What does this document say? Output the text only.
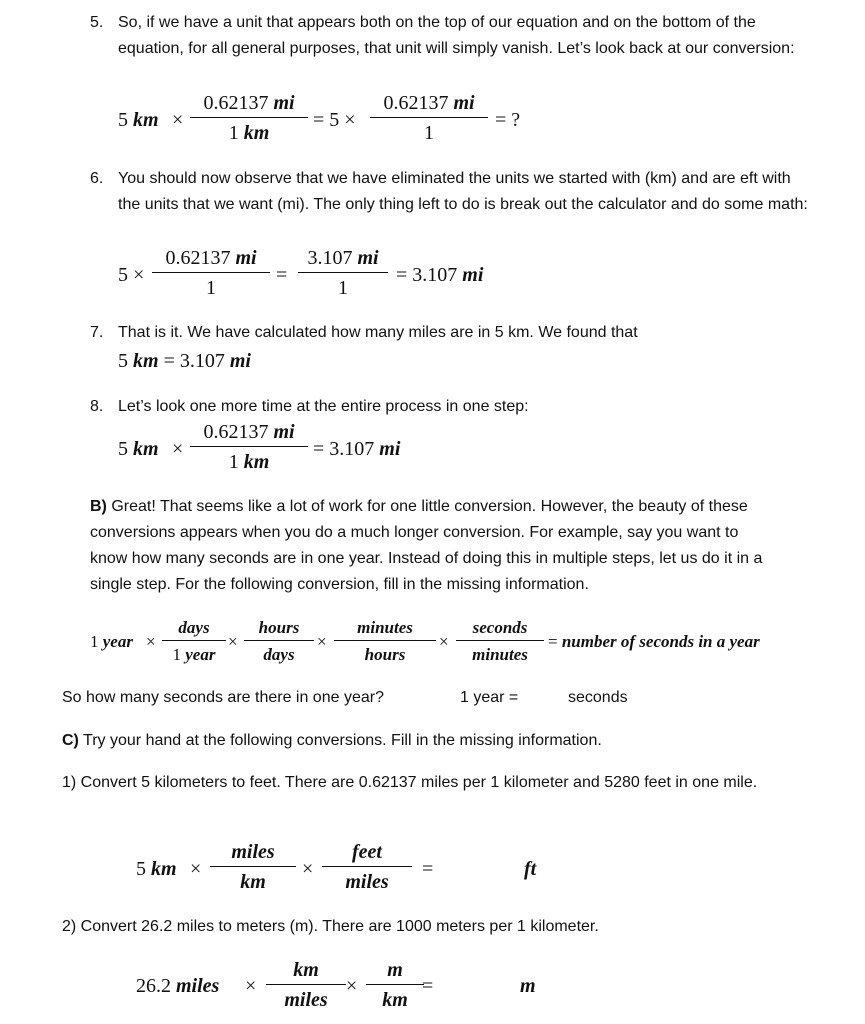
5. So, if we have a unit that appears both on the top of our equation and on the bottom of the equation, for all general purposes, that unit will simply vanish. Let’s look back at our conversion:
5 km ×
0.62137 mi
1 km
= 5 ×
0.62137 mi
1
= ?
6. You should now observe that we have eliminated the units we started with (km) and are eft with the units that we want (mi). The only thing left to do is break out the calculator and do some math:
5 ×
0.62137 mi
1
=
3.107 mi
1
= 3.107 mi
7. That is it. We have calculated how many miles are in 5 km. We found that
5 km = 3.107 mi
8. Let’s look one more time at the entire process in one step:
5 km ×
0.62137 mi
1 km
= 3.107 mi
B) Great! That seems like a lot of work for one little conversion. However, the beauty of these conversions appears when you do a much longer conversion. For example, say you want to know how many seconds are in one year. Instead of doing this in multiple steps, let us do it in a single step. For the following conversion, fill in the missing information.
1 year ×
days
1 year
×
hours
days
×
minutes
hours
×
seconds
minutes
= number of seconds in a year
So how many seconds are there in one year?	1 year =	seconds
C) Try your hand at the following conversions. Fill in the missing information.
1) Convert 5 kilometers to feet. There are 0.62137 miles per 1 kilometer and 5280 feet in one mile.
5 km ×
miles
km
×
feet
miles
=	ft
2) Convert 26.2 miles to meters (m). There are 1000 meters per 1 kilometer.
26.2 miles ×
km
miles
×
m
km
=	m
